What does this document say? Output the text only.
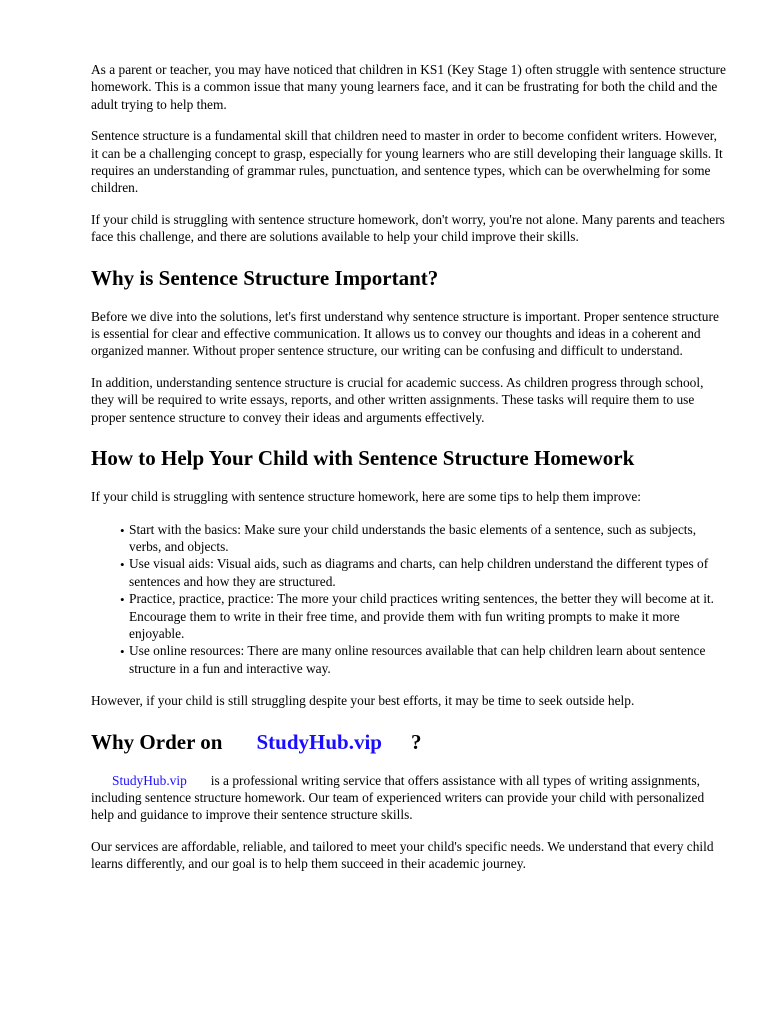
As a parent or teacher, you may have noticed that children in KS1 (Key Stage 1) often struggle with sentence structure homework. This is a common issue that many young learners face, and it can be frustrating for both the child and the adult trying to help them.

Sentence structure is a fundamental skill that children need to master in order to become confident writers. However, it can be a challenging concept to grasp, especially for young learners who are still developing their language skills. It requires an understanding of grammar rules, punctuation, and sentence types, which can be overwhelming for some children.

If your child is struggling with sentence structure homework, don't worry, you're not alone. Many parents and teachers face this challenge, and there are solutions available to help your child improve their skills.

Why is Sentence Structure Important?

Before we dive into the solutions, let's first understand why sentence structure is important. Proper sentence structure is essential for clear and effective communication. It allows us to convey our thoughts and ideas in a coherent and organized manner. Without proper sentence structure, our writing can be confusing and difficult to understand.

In addition, understanding sentence structure is crucial for academic success. As children progress through school, they will be required to write essays, reports, and other written assignments. These tasks will require them to use proper sentence structure to convey their ideas and arguments effectively.

How to Help Your Child with Sentence Structure Homework

If your child is struggling with sentence structure homework, here are some tips to help them improve:

• Start with the basics: Make sure your child understands the basic elements of a sentence, such as subjects, verbs, and objects.
• Use visual aids: Visual aids, such as diagrams and charts, can help children understand the different types of sentences and how they are structured.
• Practice, practice, practice: The more your child practices writing sentences, the better they will become at it. Encourage them to write in their free time, and provide them with fun writing prompts to make it more enjoyable.
• Use online resources: There are many online resources available that can help children learn about sentence structure in a fun and interactive way.

However, if your child is still struggling despite your best efforts, it may be time to seek outside help.

Why Order on StudyHub.vip ?

StudyHub.vip is a professional writing service that offers assistance with all types of writing assignments, including sentence structure homework. Our team of experienced writers can provide your child with personalized help and guidance to improve their sentence structure skills.

Our services are affordable, reliable, and tailored to meet your child's specific needs. We understand that every child learns differently, and our goal is to help them succeed in their academic journey.
